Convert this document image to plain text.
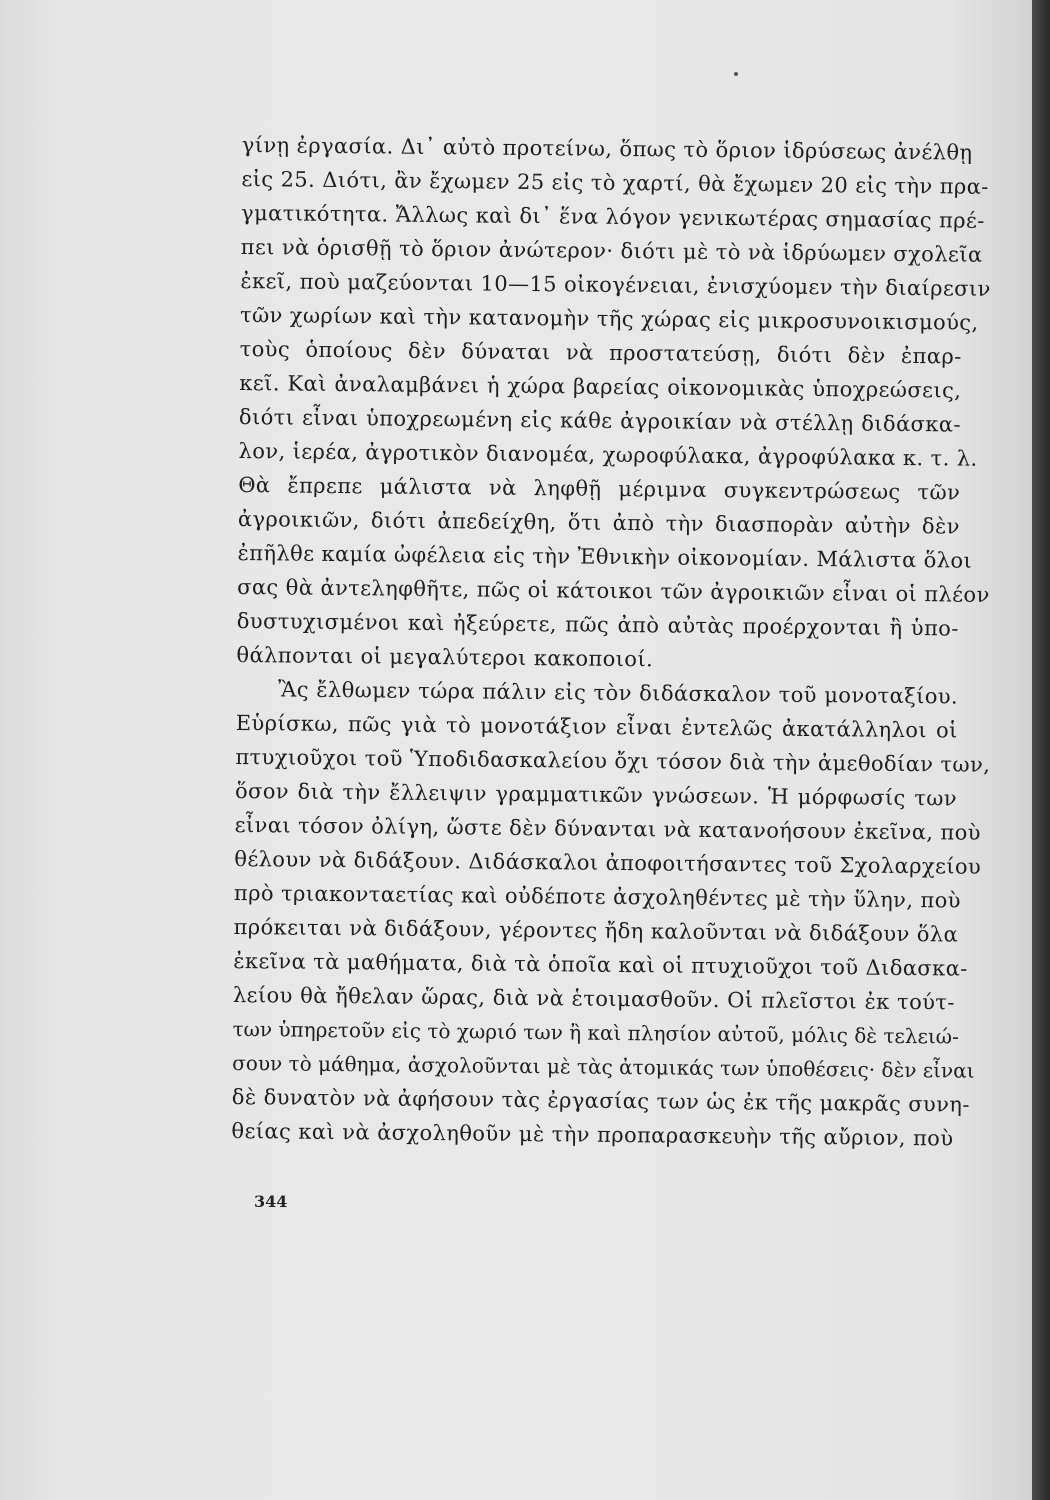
γίνῃ ἐργασία. Δι᾽ αὐτὸ προτείνω, ὅπως τὸ ὅριον ἱδρύσεως ἀνέλθῃ
εἰς 25. Διότι, ἂν ἔχωμεν 25 εἰς τὸ χαρτί, θὰ ἔχωμεν 20 εἰς τὴν πρα-
γματικότητα. Ἄλλως καὶ δι᾽ ἕνα λόγον γενικωτέρας σημασίας πρέ-
πει νὰ ὁρισθῇ τὸ ὅριον ἀνώτερον· διότι μὲ τὸ νὰ ἱδρύωμεν σχολεῖα
ἐκεῖ, ποὺ μαζεύονται 10—15 οἰκογένειαι, ἐνισχύομεν τὴν διαίρεσιν
τῶν χωρίων καὶ τὴν κατανομὴν τῆς χώρας εἰς μικροσυνοικισμούς,
τοὺς ὁποίους δὲν δύναται νὰ προστατεύσῃ, διότι δὲν ἐπαρ-
κεῖ. Καὶ ἀναλαμβάνει ἡ χώρα βαρείας οἰκονομικὰς ὑποχρεώσεις,
διότι εἶναι ὑποχρεωμένη εἰς κάθε ἀγροικίαν νὰ στέλλῃ διδάσκα-
λον, ἱερέα, ἀγροτικὸν διανομέα, χωροφύλακα, ἀγροφύλακα κ. τ. λ.
Θὰ ἔπρεπε μάλιστα νὰ ληφθῇ μέριμνα συγκεντρώσεως τῶν
ἀγροικιῶν, διότι ἀπεδείχθη, ὅτι ἀπὸ τὴν διασπορὰν αὐτὴν δὲν
ἐπῆλθε καμία ὠφέλεια εἰς τὴν Ἐθνικὴν οἰκονομίαν. Μάλιστα ὅλοι
σας θὰ ἀντεληφθῆτε, πῶς οἱ κάτοικοι τῶν ἀγροικιῶν εἶναι οἱ πλέον
δυστυχισμένοι καὶ ἠξεύρετε, πῶς ἀπὸ αὐτὰς προέρχονται ἢ ὑπο-
θάλπονται οἱ μεγαλύτεροι κακοποιοί.
Ἂς ἔλθωμεν τώρα πάλιν εἰς τὸν διδάσκαλον τοῦ μονοταξίου.
Εὑρίσκω, πῶς γιὰ τὸ μονοτάξιον εἶναι ἐντελῶς ἀκατάλληλοι οἱ
πτυχιοῦχοι τοῦ Ὑποδιδασκαλείου ὄχι τόσον διὰ τὴν ἀμεθοδίαν των,
ὅσον διὰ τὴν ἔλλειψιν γραμματικῶν γνώσεων. Ἡ μόρφωσίς των
εἶναι τόσον ὀλίγη, ὥστε δὲν δύνανται νὰ κατανοήσουν ἐκεῖνα, ποὺ
θέλουν νὰ διδάξουν. Διδάσκαλοι ἀποφοιτήσαντες τοῦ Σχολαρχείου
πρὸ τριακονταετίας καὶ οὐδέποτε ἀσχοληθέντες μὲ τὴν ὕλην, ποὺ
πρόκειται νὰ διδάξουν, γέροντες ἤδη καλοῦνται νὰ διδάξουν ὅλα
ἐκεῖνα τὰ μαθήματα, διὰ τὰ ὁποῖα καὶ οἱ πτυχιοῦχοι τοῦ Διδασκα-
λείου θὰ ἤθελαν ὥρας, διὰ νὰ ἑτοιμασθοῦν. Οἱ πλεῖστοι ἐκ τούτ-
των ὑπηρετοῦν εἰς τὸ χωριό των ἢ καὶ πλησίον αὐτοῦ, μόλις δὲ τελειώ-
σουν τὸ μάθημα, ἀσχολοῦνται μὲ τὰς ἀτομικάς των ὑποθέσεις· δὲν εἶναι
δὲ δυνατὸν νὰ ἀφήσουν τὰς ἐργασίας των ὡς ἐκ τῆς μακρᾶς συνη-
θείας καὶ νὰ ἀσχοληθοῦν μὲ τὴν προπαρασκευὴν τῆς αὔριον, ποὺ
344
